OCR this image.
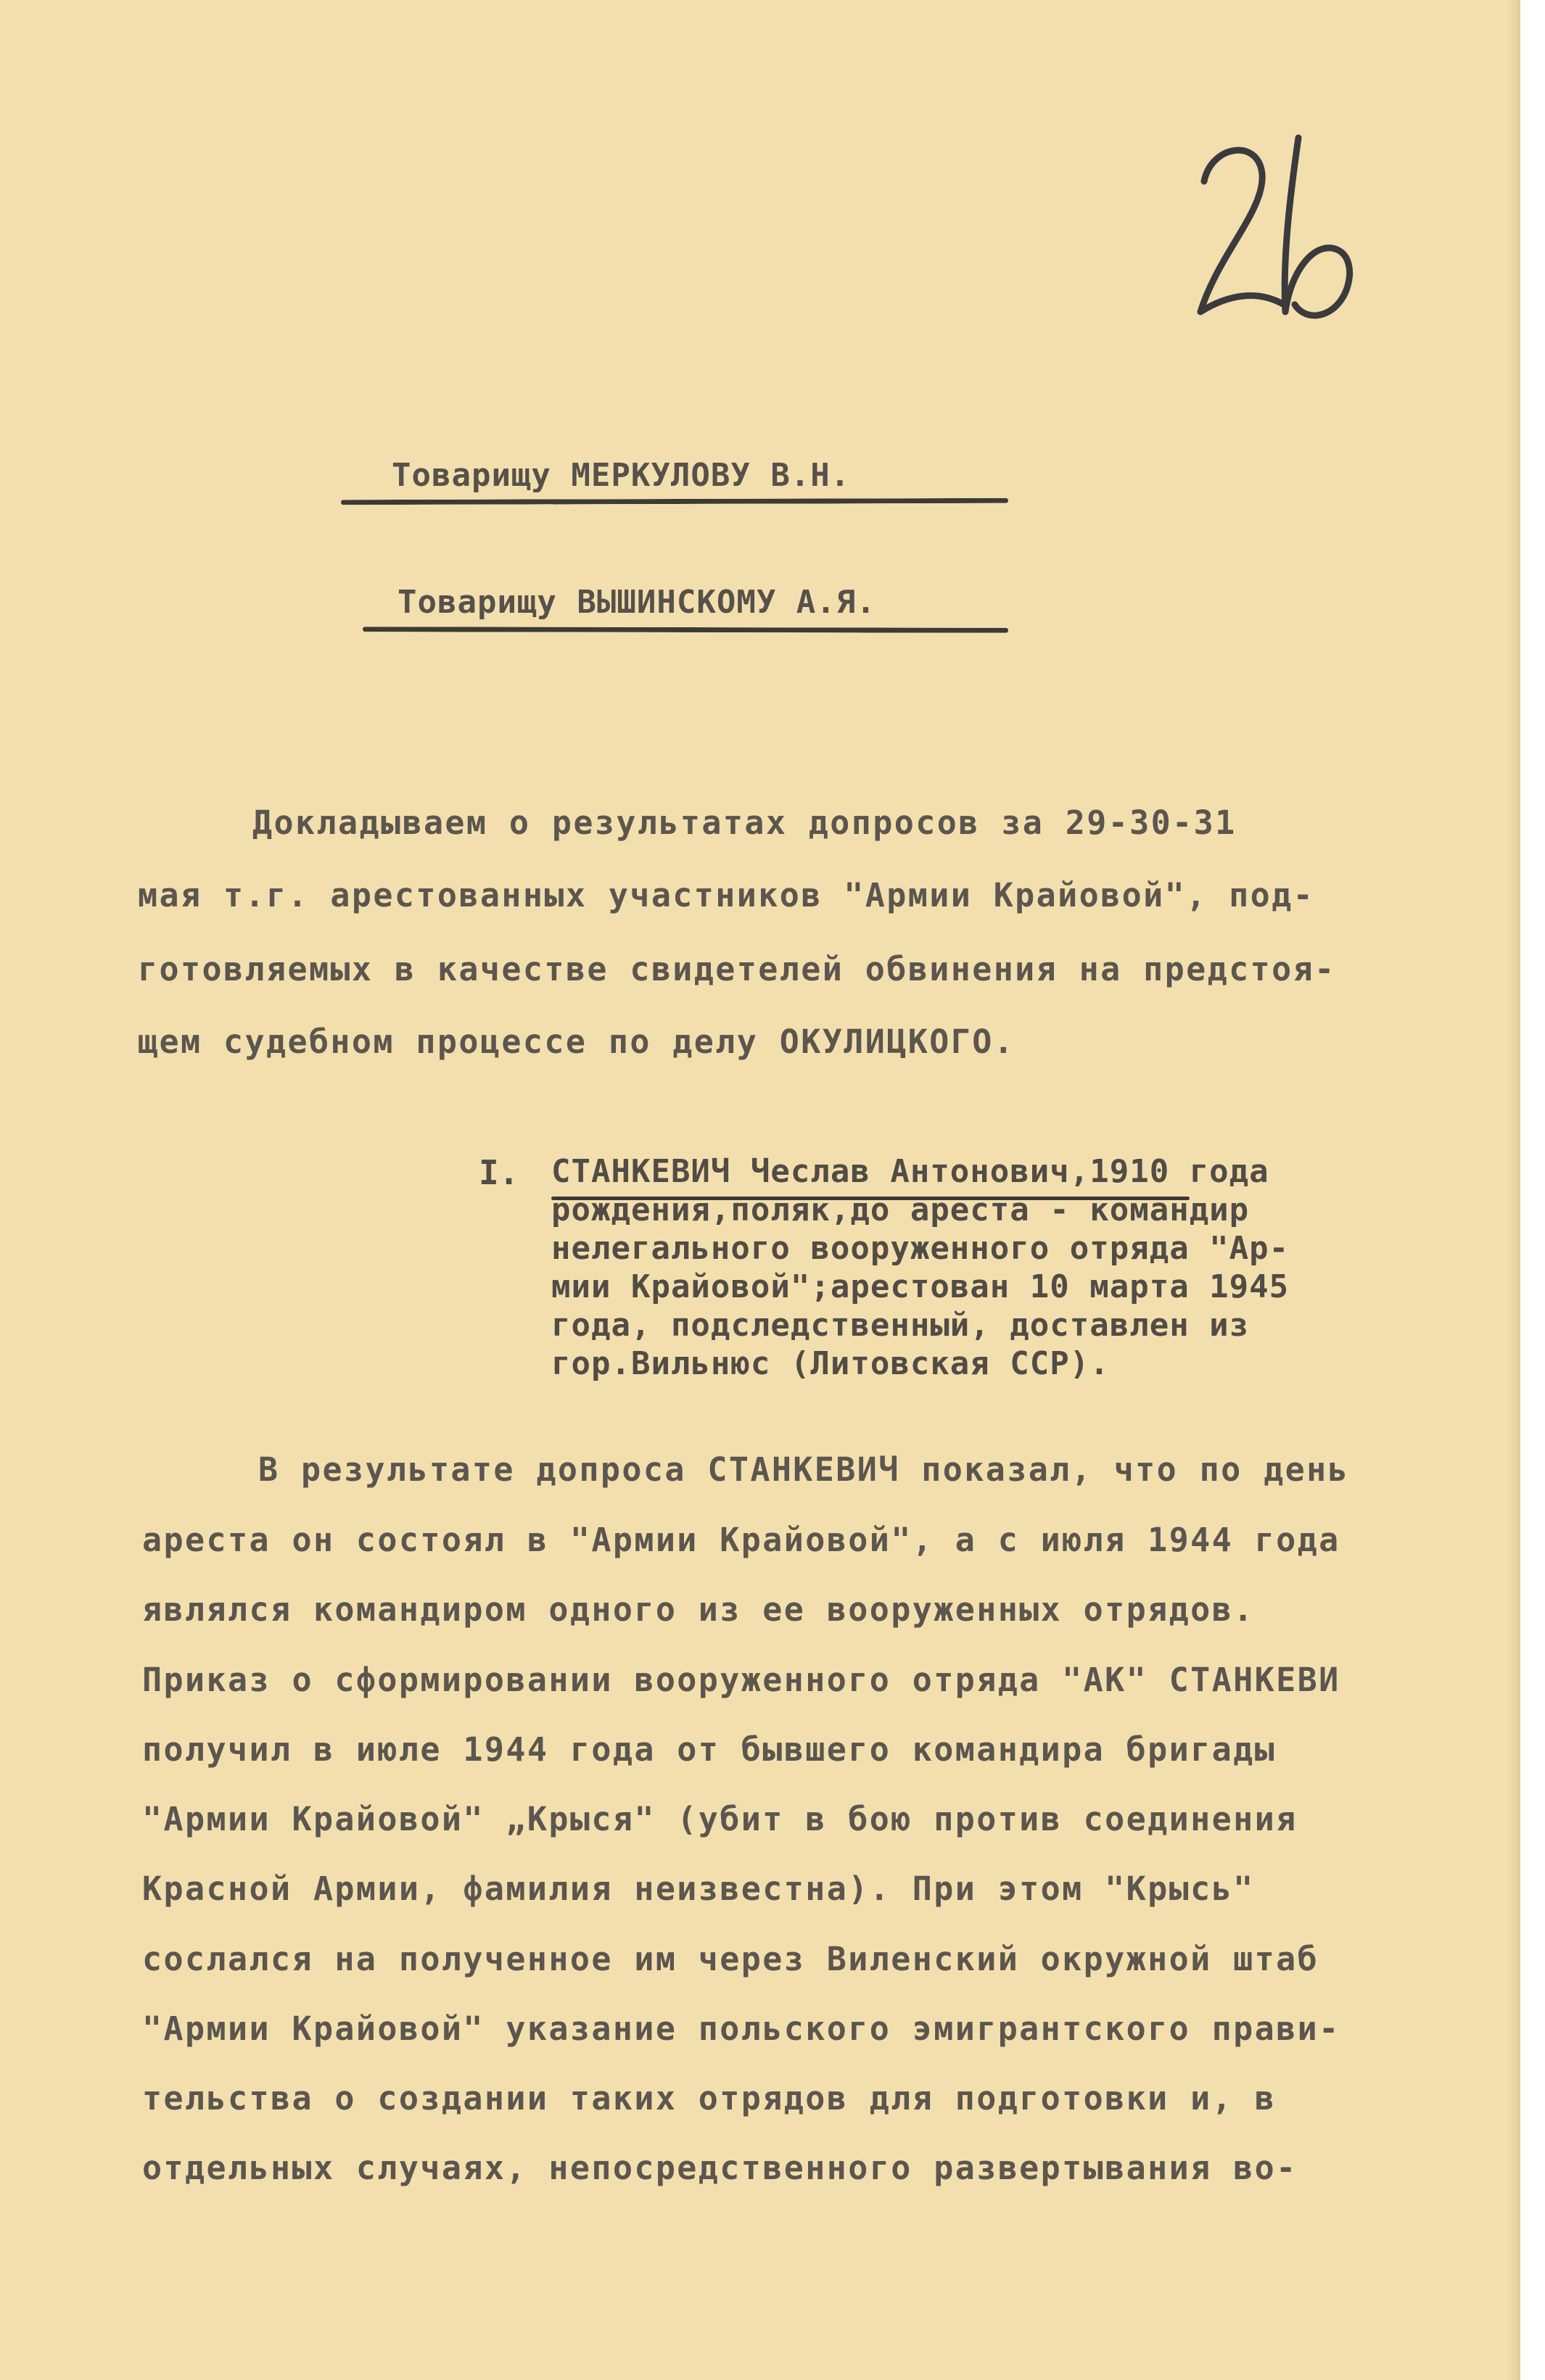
Товарищу МЕРКУЛОВУ В.Н.
Товарищу ВЫШИНСКОМУ А.Я.
Докладываем о результатах допросов за 29-30-31
мая т.г. арестованных участников "Армии Крайовой", под-
готовляемых в качестве свидетелей обвинения на предстоя-
щем судебном процессе по делу ОКУЛИЦКОГО.
I. СТАНКЕВИЧ Чеслав Антонович,1910 года
рождения,поляк,до ареста - командир
нелегального вооруженного отряда "Ар-
мии Крайовой";арестован 10 марта 1945
года, подследственный, доставлен из
гор.Вильнюс (Литовская ССР).
В результате допроса СТАНКЕВИЧ показал, что по день
ареста он состоял в "Армии Крайовой", а с июля 1944 года
являлся командиром одного из ее вооруженных отрядов.
Приказ о сформировании вооруженного отряда "АК" СТАНКЕВИ
получил в июле 1944 года от бывшего командира бригады
"Армии Крайовой" „Крыся" (убит в бою против соединения
Красной Армии, фамилия неизвестна). При этом "Крысь"
сослался на полученное им через Виленский окружной штаб
"Армии Крайовой" указание польского эмигрантского прави-
тельства о создании таких отрядов для подготовки и, в
отдельных случаях, непосредственного развертывания во-
